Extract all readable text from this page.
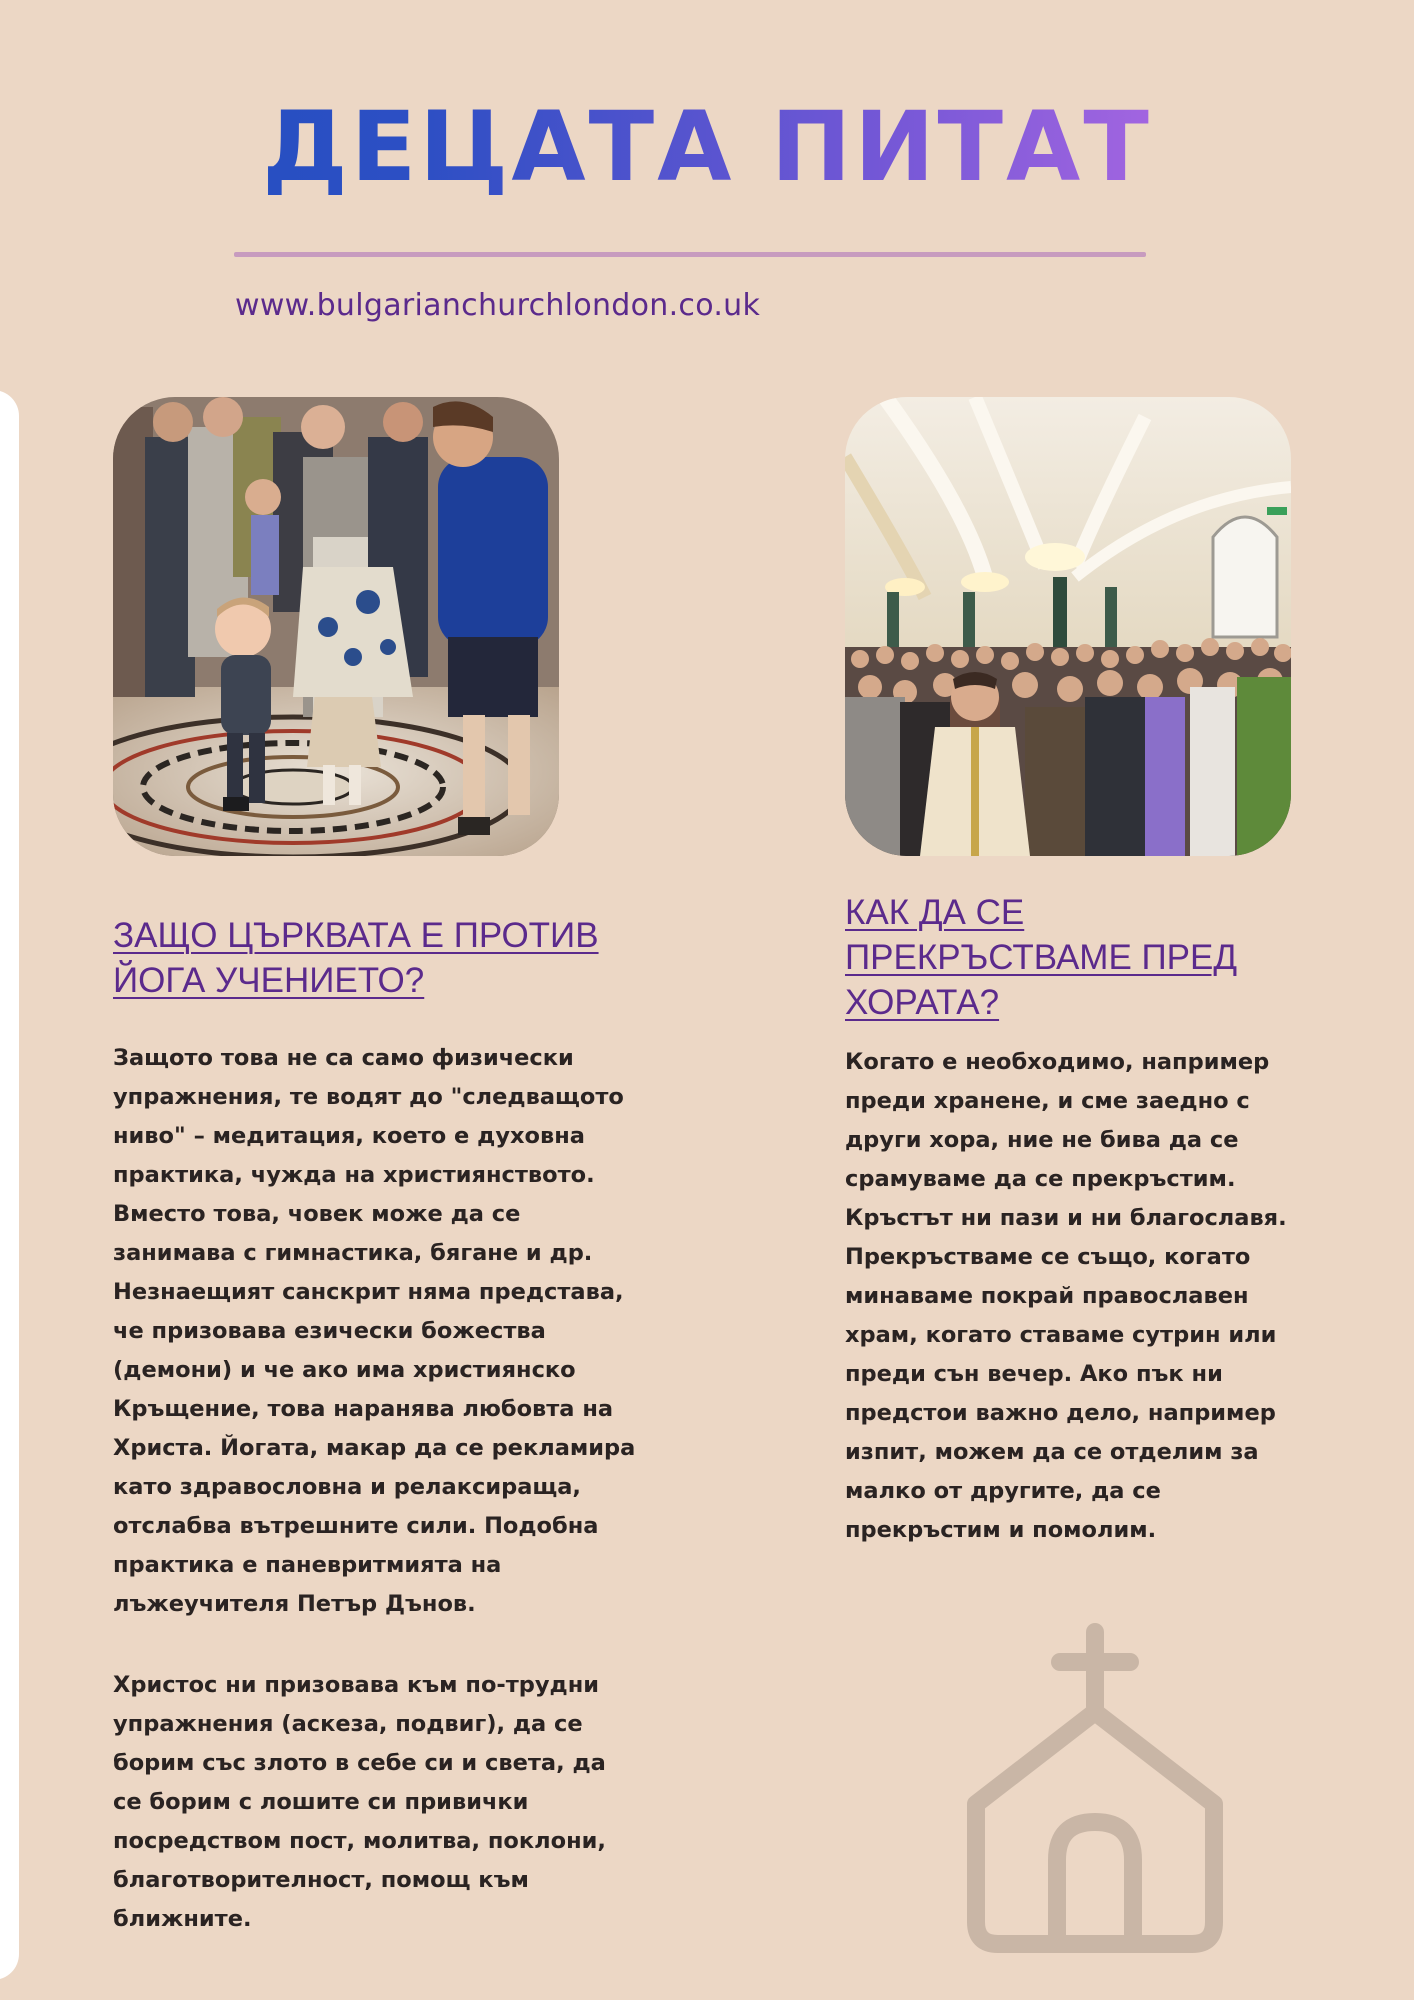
ДЕЦАТА ПИТАТ
www.bulgarianchurchlondon.co.uk
ЗАЩО ЦЪРКВАТА Е ПРОТИВ
ЙОГА УЧЕНИЕТО?

Защото това не са само физически
упражнения, те водят до "следващото
ниво" – медитация, което е духовна
практика, чужда на християнството.
Вместо това, човек може да се
занимава с гимнастика, бягане и др.
Незнаещият санскрит няма представа,
че призовава езически божества
(демони) и че ако има християнско
Кръщение, това наранява любовта на
Христа. Йогата, макар да се рекламира
като здравословна и релаксираща,
отслабва вътрешните сили. Подобна
практика е паневритмията на
лъжеучителя Петър Дънов.

Христос ни призовава към по-трудни
упражнения (аскеза, подвиг), да се
борим със злото в себе си и света, да
се борим с лошите си привички
посредством пост, молитва, поклони,
благотворителност, помощ към
ближните.

КАК ДА СЕ
ПРЕКРЪСТВАМЕ ПРЕД
ХОРАТА?

Когато е необходимо, например
преди хранене, и сме заедно с
други хора, ние не бива да се
срамуваме да се прекръстим.
Кръстът ни пази и ни благославя.
Прекръстваме се също, когато
минаваме покрай православен
храм, когато ставаме сутрин или
преди сън вечер. Ако пък ни
предстои важно дело, например
изпит, можем да се отделим за
малко от другите, да се
прекръстим и помолим.
